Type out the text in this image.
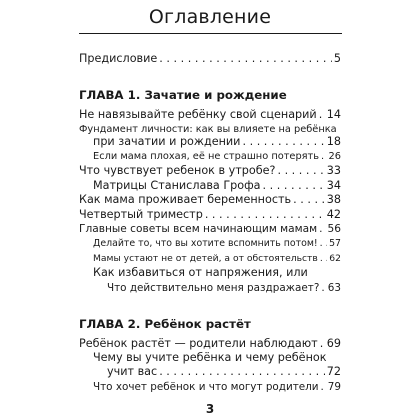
Оглавление
Предисловие . . .	5
ГЛАВА 1. Зачатие и рождение
Не навязывайте ребёнку свой сценарий . . . 14
Фундамент личности: как вы влияете на ребёнка
при зачатии и рождении . . .	18
Если мама плохая, её не страшно потерять . . . 26
Что чувствует ребенок в утробе? . . .	33
Матрицы Станислава Грофа . . .	34
Как мама проживает беременность . . .	38
Четвертый триместр . . .	42
Главные советы всем начинающим мамам . . . 56
Делайте то, что вы хотите вспомнить потом! . . . 57
Мамы устают не от детей, а от обстоятельств . . . 62
Как избавиться от напряжения, или
Что действительно меня раздражает? . . . 63
ГЛАВА 2. Ребёнок растёт
Ребёнок растёт — родители наблюдают . . . 69
Чему вы учите ребёнка и чему ребёнок
учит вас . . .	72
Что хочет ребёнок и что могут родители . . . 79
3
